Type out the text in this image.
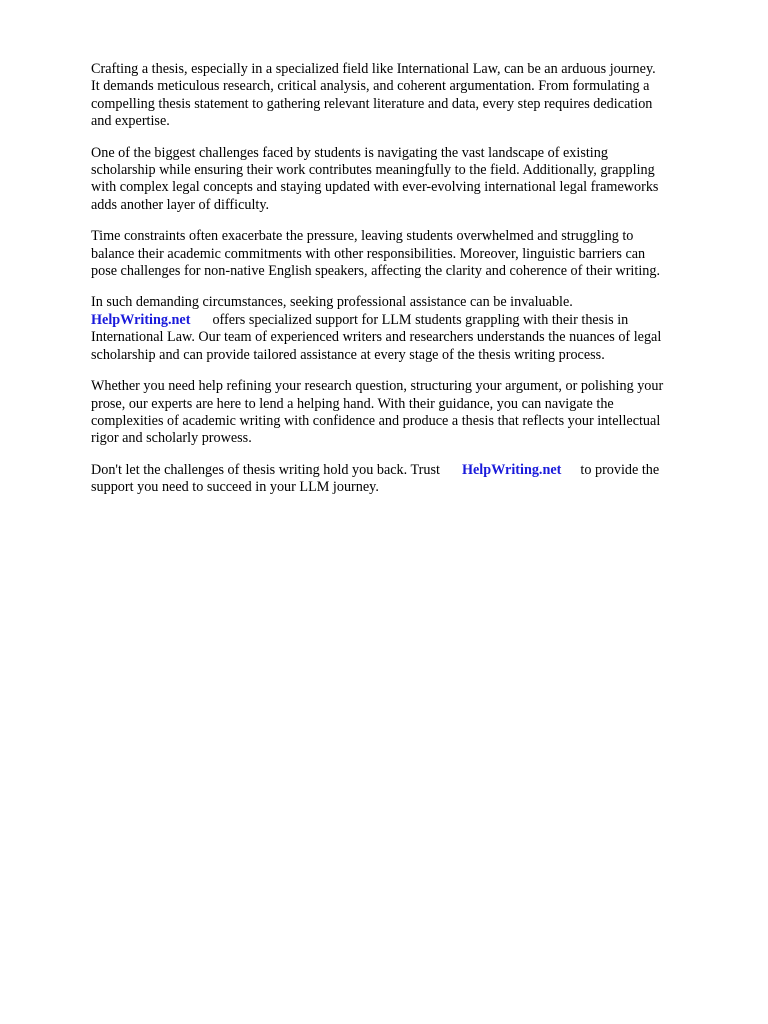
Crafting a thesis, especially in a specialized field like International Law, can be an arduous journey.
It demands meticulous research, critical analysis, and coherent argumentation. From formulating a
compelling thesis statement to gathering relevant literature and data, every step requires dedication
and expertise.

One of the biggest challenges faced by students is navigating the vast landscape of existing
scholarship while ensuring their work contributes meaningfully to the field. Additionally, grappling
with complex legal concepts and staying updated with ever-evolving international legal frameworks
adds another layer of difficulty.

Time constraints often exacerbate the pressure, leaving students overwhelmed and struggling to
balance their academic commitments with other responsibilities. Moreover, linguistic barriers can
pose challenges for non-native English speakers, affecting the clarity and coherence of their writing.

In such demanding circumstances, seeking professional assistance can be invaluable.
HelpWriting.net offers specialized support for LLM students grappling with their thesis in
International Law. Our team of experienced writers and researchers understands the nuances of legal
scholarship and can provide tailored assistance at every stage of the thesis writing process.

Whether you need help refining your research question, structuring your argument, or polishing your
prose, our experts are here to lend a helping hand. With their guidance, you can navigate the
complexities of academic writing with confidence and produce a thesis that reflects your intellectual
rigor and scholarly prowess.

Don't let the challenges of thesis writing hold you back. Trust HelpWriting.net to provide the
support you need to succeed in your LLM journey.
